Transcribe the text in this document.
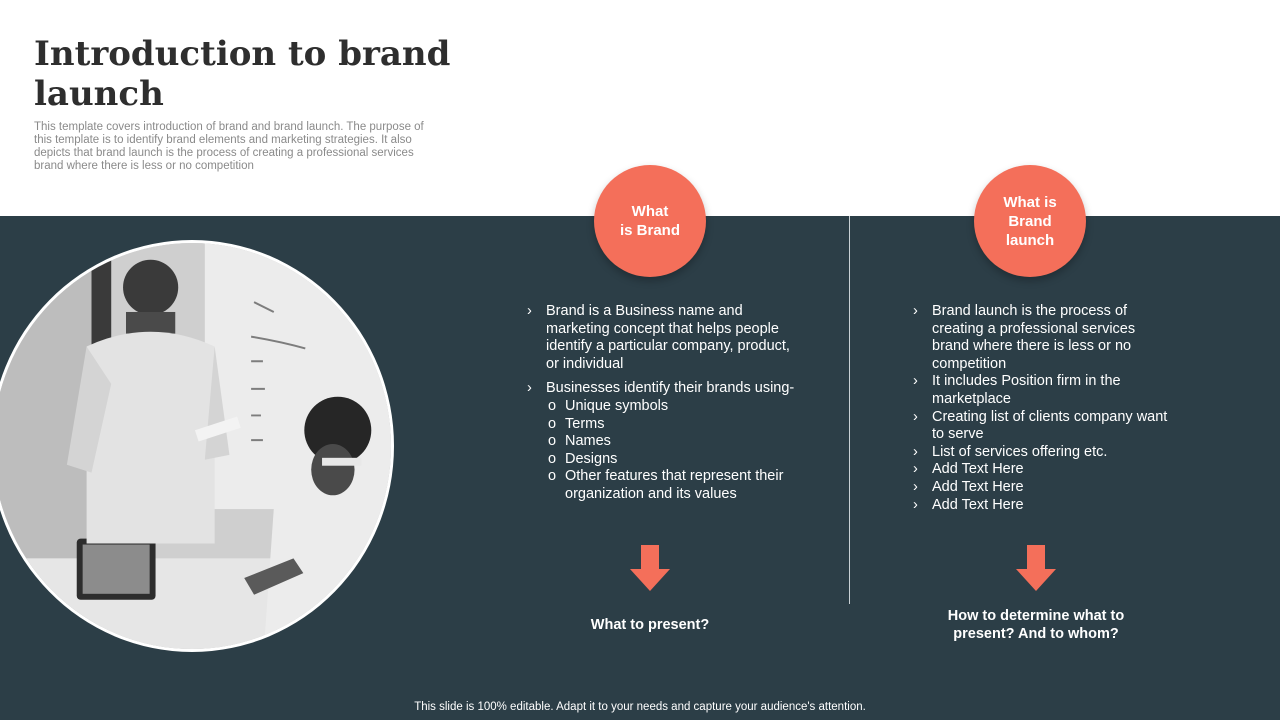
Introduction to brand launch
This template covers introduction of brand and brand launch. The purpose of this template is to identify brand elements and marketing strategies. It also depicts that brand launch is the process of creating a professional services brand where there is less or no competition
What
is Brand
What is
Brand
launch
› Brand is a Business name and marketing concept that helps people identify a particular company, product, or individual
› Businesses identify their brands using-
o Unique symbols
o Terms
o Names
o Designs
o Other features that represent their organization and its values
› Brand launch is the process of creating a professional services brand where there is less or no competition
› It includes Position firm in the marketplace
› Creating list of clients company want to serve
› List of services offering etc.
› Add Text Here
› Add Text Here
› Add Text Here
What to present?
How to determine what to
present? And to whom?
This slide is 100% editable. Adapt it to your needs and capture your audience's attention.
